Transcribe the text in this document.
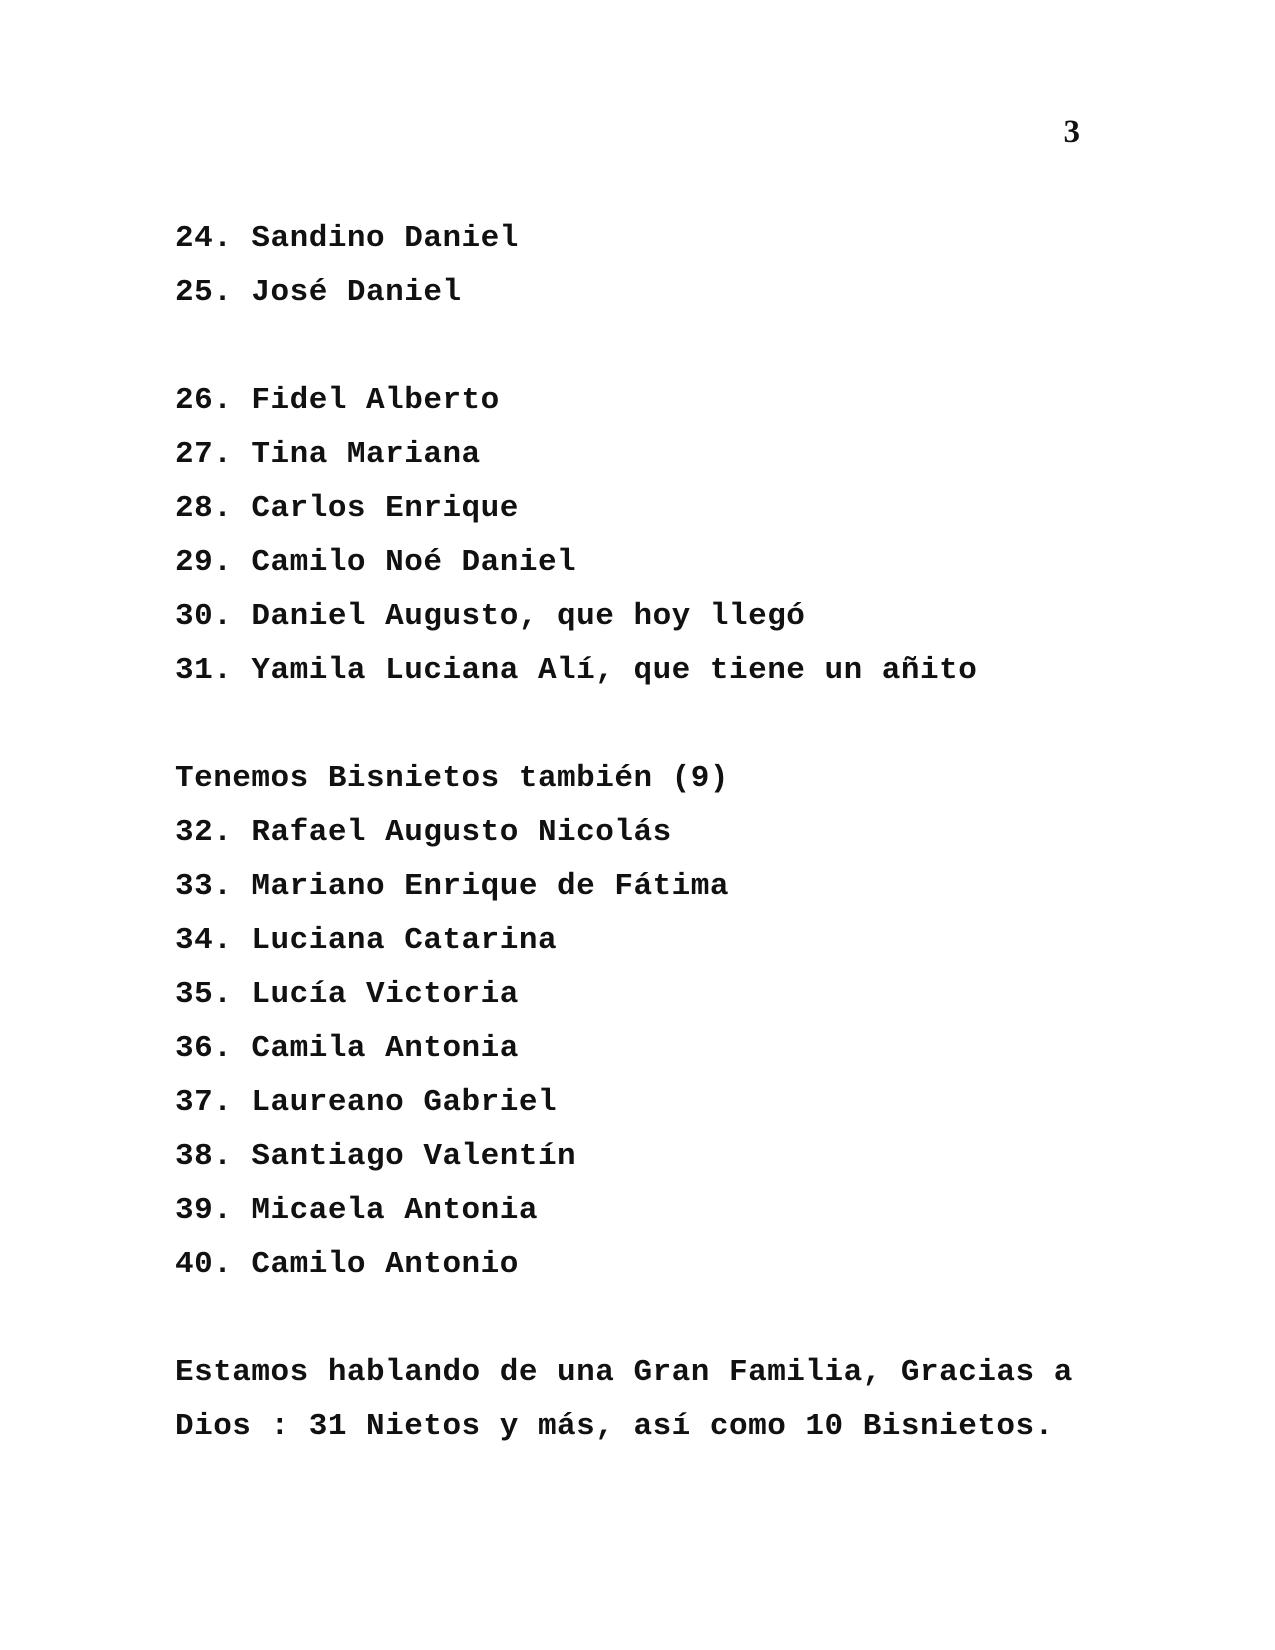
3
24. Sandino Daniel
25. José Daniel
26. Fidel Alberto
27. Tina Mariana
28. Carlos Enrique
29. Camilo Noé Daniel
30. Daniel Augusto, que hoy llegó
31. Yamila Luciana Alí, que tiene un añito
Tenemos Bisnietos también (9)
32. Rafael Augusto Nicolás
33. Mariano Enrique de Fátima
34. Luciana Catarina
35. Lucía Victoria
36. Camila Antonia
37. Laureano Gabriel
38. Santiago Valentín
39. Micaela Antonia
40. Camilo Antonio
Estamos hablando de una Gran Familia, Gracias a
Dios : 31 Nietos y más, así como 10 Bisnietos.
